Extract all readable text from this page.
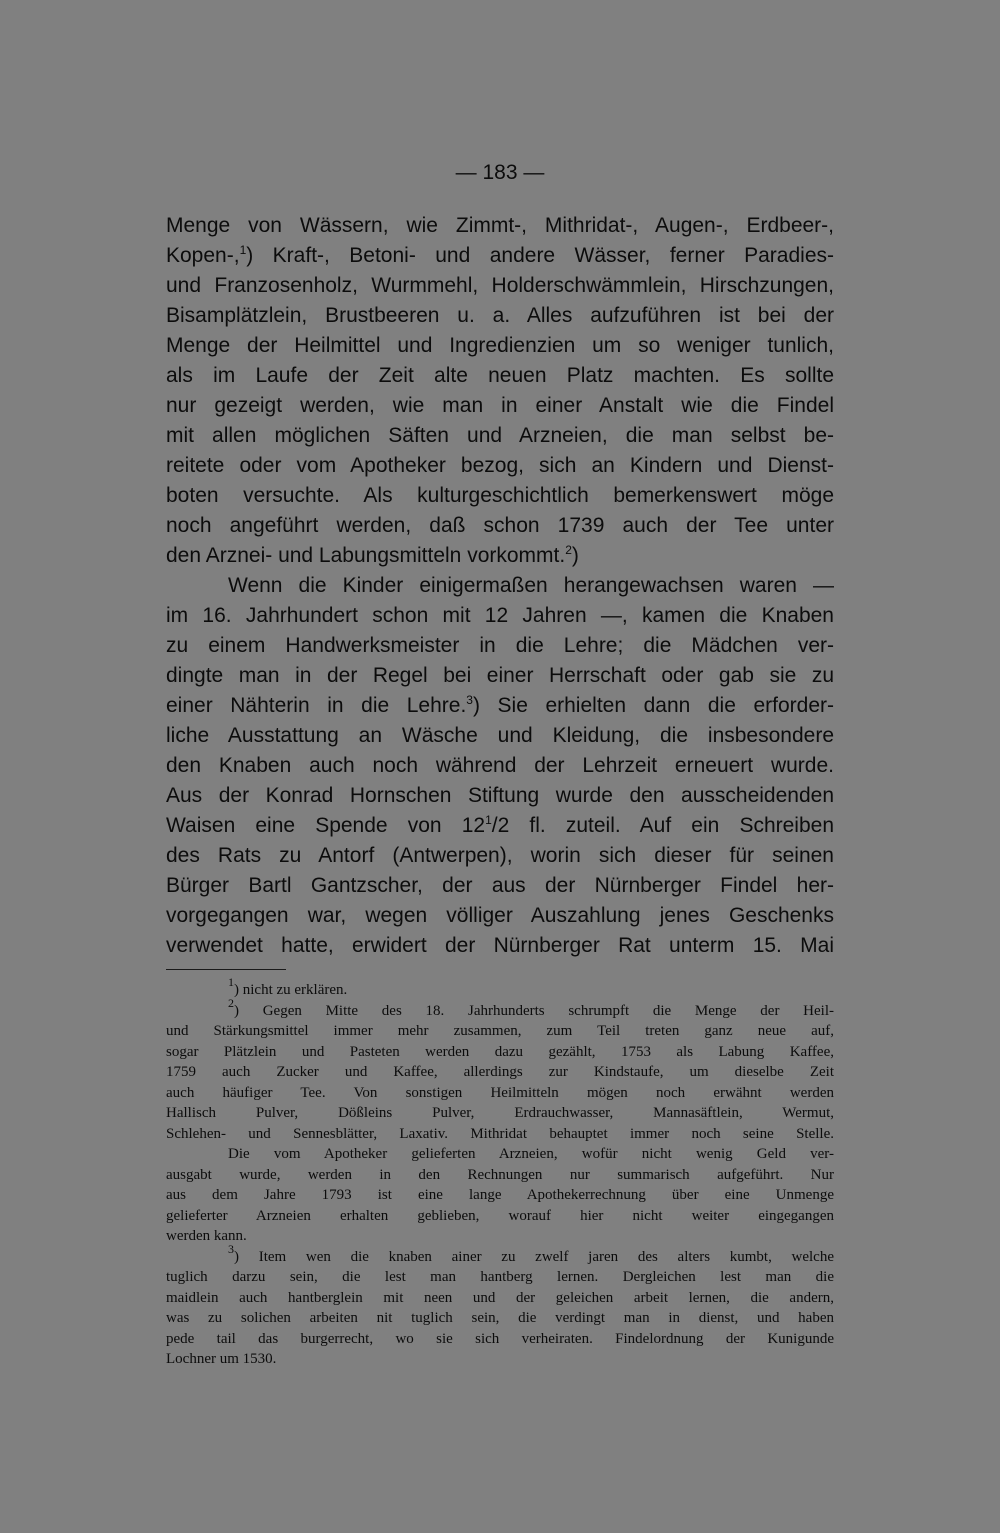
— 183 —
Menge von Wässern, wie Zimmt-, Mithridat-, Augen-, Erdbeer-,
Kopen-,$^1$) Kraft-, Betoni- und andere Wässer, ferner Paradies-
und Franzosenholz, Wurmmehl, Holderschwämmlein, Hirschzungen,
Bisamplätzlein, Brustbeeren u. a. Alles aufzuführen ist bei der
Menge der Heilmittel und Ingredienzien um so weniger tunlich,
als im Laufe der Zeit alte neuen Platz machten. Es sollte
nur gezeigt werden, wie man in einer Anstalt wie die Findel
mit allen möglichen Säften und Arzneien, die man selbst be-
reitete oder vom Apotheker bezog, sich an Kindern und Dienst-
boten versuchte. Als kulturgeschichtlich bemerkenswert möge
noch angeführt werden, daß schon 1739 auch der Tee unter
den Arznei- und Labungsmitteln vorkommt.$^2$)
Wenn die Kinder einigermaßen herangewachsen waren —
im 16. Jahrhundert schon mit 12 Jahren —, kamen die Knaben
zu einem Handwerksmeister in die Lehre; die Mädchen ver-
dingte man in der Regel bei einer Herrschaft oder gab sie zu
einer Nähterin in die Lehre.$^3$) Sie erhielten dann die erforder-
liche Ausstattung an Wäsche und Kleidung, die insbesondere
den Knaben auch noch während der Lehrzeit erneuert wurde.
Aus der Konrad Hornschen Stiftung wurde den ausscheidenden
Waisen eine Spende von $12^1/2$ fl. zuteil. Auf ein Schreiben
des Rats zu Antorf (Antwerpen), worin sich dieser für seinen
Bürger Bartl Gantzscher, der aus der Nürnberger Findel her-
vorgegangen war, wegen völliger Auszahlung jenes Geschenks
verwendet hatte, erwidert der Nürnberger Rat unterm 15. Mai
$^1$) nicht zu erklären.
$^2$) Gegen Mitte des 18. Jahrhunderts schrumpft die Menge der Heil-
und Stärkungsmittel immer mehr zusammen, zum Teil treten ganz neue auf,
sogar Plätzlein und Pasteten werden dazu gezählt, 1753 als Labung Kaffee,
1759 auch Zucker und Kaffee, allerdings zur Kindstaufe, um dieselbe Zeit
auch häufiger Tee. Von sonstigen Heilmitteln mögen noch erwähnt werden
Hallisch Pulver, Dößleins Pulver, Erdrauchwasser, Mannasäftlein, Wermut,
Schlehen- und Sennesblätter, Laxativ. Mithridat behauptet immer noch seine Stelle.
Die vom Apotheker gelieferten Arzneien, wofür nicht wenig Geld ver-
ausgabt wurde, werden in den Rechnungen nur summarisch aufgeführt. Nur
aus dem Jahre 1793 ist eine lange Apothekerrechnung über eine Unmenge
gelieferter Arzneien erhalten geblieben, worauf hier nicht weiter eingegangen
werden kann.
$^3$) Item wen die knaben ainer zu zwelf jaren des alters kumbt, welche
tuglich darzu sein, die lest man hantberg lernen. Dergleichen lest man die
maidlein auch hantberglein mit neen und der geleichen arbeit lernen, die andern,
was zu solichen arbeiten nit tuglich sein, die verdingt man in dienst, und haben
pede tail das burgerrecht, wo sie sich verheiraten. Findelordnung der Kunigunde
Lochner um 1530.
